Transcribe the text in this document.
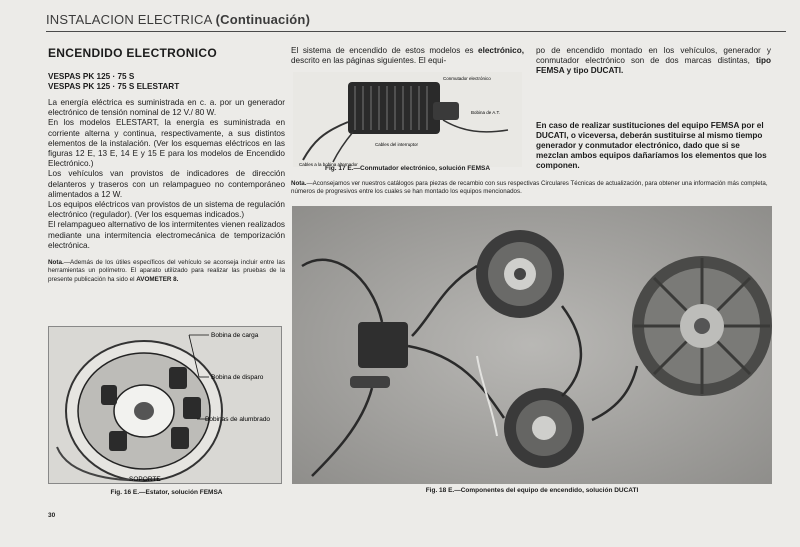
INSTALACION ELECTRICA (Continuación)
ENCENDIDO ELECTRONICO
VESPAS PK 125 · 75 S
VESPAS PK 125 · 75 S ELESTART

La energía eléctrica es suministrada en c. a. por un generador electrónico de tensión nominal de 12 V./ 80 W.

En los modelos ELESTART, la energía es suministrada en corriente alterna y continua, respectivamente, a sus distintos elementos de la instalación. (Ver los esquemas eléctricos en las figuras 12 E, 13 E, 14 E y 15 E para los modelos de Encendido Electrónico.)

Los vehículos van provistos de indicadores de dirección delanteros y traseros con un relampagueo no contemporáneo alimentados a 12 W.

Los equipos eléctricos van provistos de un sistema de regulación electrónico (regulador). (Ver los esquemas indicados.)

El relampagueo alternativo de los intermitentes vienen realizados mediante una intermitencia electromecánica de temporización electrónica.

Nota.—Además de los útiles específicos del vehículo se aconseja incluir entre las herramientas un polímetro. El aparato utilizado para realizar las pruebas de la presente publicación ha sido el AVOMETER 8.

Bobina de carga
Bobina de disparo
Bobinas de alumbrado
SOPORTE
Fig. 16 E.—Estator, solución FEMSA

El sistema de encendido de estos modelos es electrónico, descrito en las páginas siguientes. El equi-

Conmutador electrónico
Bobina de A.T.
Cables del interruptor
Cables a la bobina alternador
Fig. 17 E.—Conmutador electrónico, solución FEMSA

po de encendido montado en los vehículos, generador y conmutador electrónico son de dos marcas distintas, tipo FEMSA y tipo DUCATI.

En caso de realizar sustituciones del equipo FEMSA por el DUCATI, o viceversa, deberán sustituirse al mismo tiempo generador y conmutador electrónico, dado que si se mezclan ambos equipos dañaríamos los elementos que los componen.

Nota.—Aconsejamos ver nuestros catálogos para piezas de recambio con sus respectivas Circulares Técnicas de actualización, para obtener una información más completa, números de progresivos entre los cuales se han montado los equipos mencionados.

Fig. 18 E.—Componentes del equipo de encendido, solución DUCATI
30
